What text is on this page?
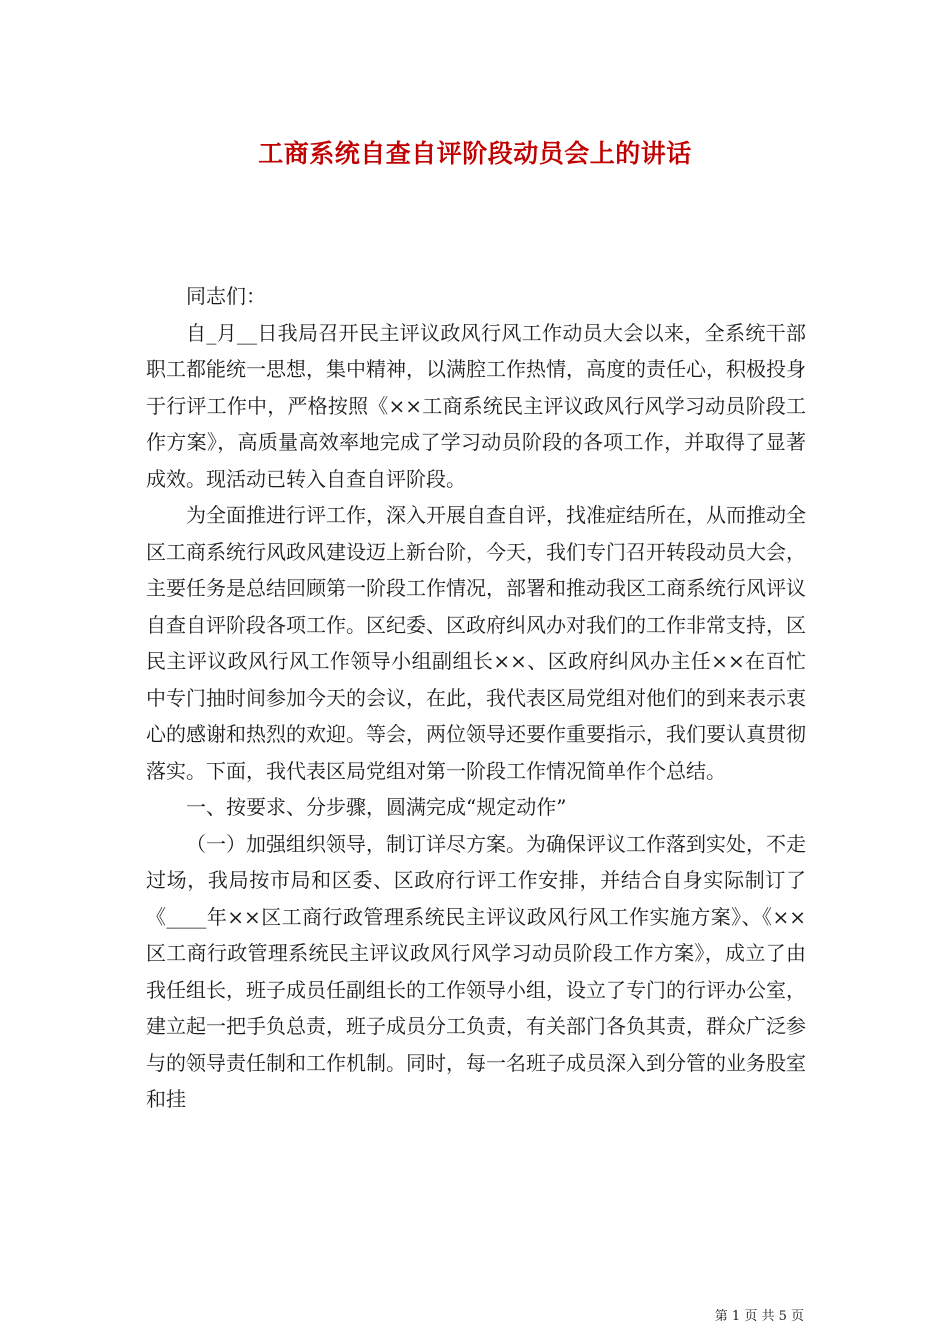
工商系统自查自评阶段动员会上的讲话

同志们：

自_月__日我局召开民主评议政风行风工作动员大会以来，全系统干部职工都能统一思想，集中精神，以满腔工作热情，高度的责任心，积极投身于行评工作中，严格按照《××工商系统民主评议政风行风学习动员阶段工作方案》，高质量高效率地完成了学习动员阶段的各项工作，并取得了显著成效。现活动已转入自查自评阶段。

为全面推进行评工作，深入开展自查自评，找准症结所在，从而推动全区工商系统行风政风建设迈上新台阶，今天，我们专门召开转段动员大会，主要任务是总结回顾第一阶段工作情况，部署和推动我区工商系统行风评议自查自评阶段各项工作。区纪委、区政府纠风办对我们的工作非常支持，区民主评议政风行风工作领导小组副组长××、区政府纠风办主任××在百忙中专门抽时间参加今天的会议，在此，我代表区局党组对他们的到来表示衷心的感谢和热烈的欢迎。等会，两位领导还要作重要指示，我们要认真贯彻落实。下面，我代表区局党组对第一阶段工作情况简单作个总结。

一、按要求、分步骤，圆满完成“规定动作”

（一）加强组织领导，制订详尽方案。为确保评议工作落到实处，不走过场，我局按市局和区委、区政府行评工作安排，并结合自身实际制订了《____年××区工商行政管理系统民主评议政风行风工作实施方案》、《××区工商行政管理系统民主评议政风行风学习动员阶段工作方案》，成立了由我任组长，班子成员任副组长的工作领导小组，设立了专门的行评办公室，建立起一把手负总责，班子成员分工负责，有关部门各负其责，群众广泛参与的领导责任制和工作机制。同时，每一名班子成员深入到分管的业务股室和挂

第 1 页 共 5 页
